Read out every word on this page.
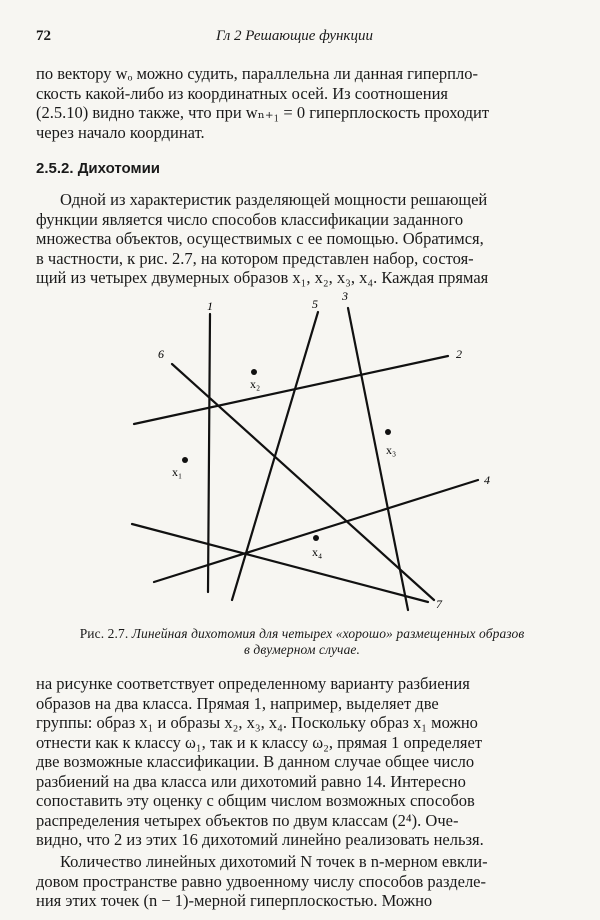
72	Гл 2 Решающие функции
по вектору wₒ можно судить, параллельна ли данная гиперпло-
скость какой-либо из координатных осей. Из соотношения
(2.5.10) видно также, что при wₙ₊₁ = 0 гиперплоскость проходит
через начало координат.
2.5.2. Дихотомии
Одной из характеристик разделяющей мощности решающей
функции является число способов классификации заданного
множества объектов, осуществимых с ее помощью. Обратимся,
в частности, к рис. 2.7, на котором представлен набор, состоя-
щий из четырех двумерных образов x₁, x₂, x₃, x₄. Каждая прямая
x₁
x₂
x₃
x₄
1
2
3
4
5
6
7
Рис. 2.7. Линейная дихотомия для четырех «хорошо» размещенных образов
в двумерном случае.
на рисунке соответствует определенному варианту разбиения
образов на два класса. Прямая 1, например, выделяет две
группы: образ x₁ и образы x₂, x₃, x₄. Поскольку образ x₁ можно
отнести как к классу ω₁, так и к классу ω₂, прямая 1 определяет
две возможные классификации. В данном случае общее число
разбиений на два класса или дихотомий равно 14. Интересно
сопоставить эту оценку с общим числом возможных способов
распределения четырех объектов по двум классам (2⁴). Оче-
видно, что 2 из этих 16 дихотомий линейно реализовать нельзя.
Количество линейных дихотомий N точек в n-мерном евкли-
довом пространстве равно удвоенному числу способов разделе-
ния этих точек (n − 1)-мерной гиперплоскостью. Можно
